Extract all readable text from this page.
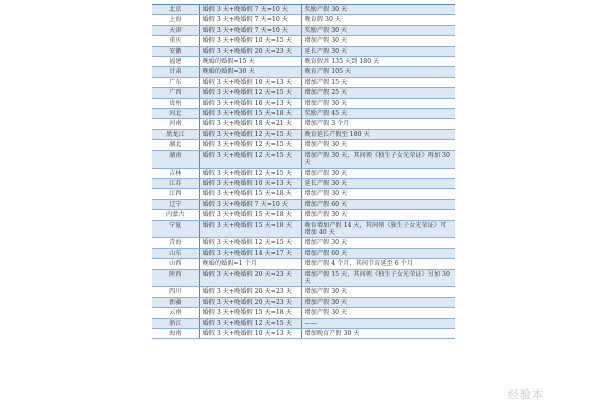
北京	婚假 3 天+晚婚假 7 天=10 天	奖励产假 30 天
上海	婚假 3 天+晚婚假 7 天=10 天	晚育假 30 天
天津	婚假 3 天+晚婚假 7 天=10 天	奖励产假 30 天
重庆	婚假 3 天+晚婚假 10 天=15 天	增加产假 30 天
安徽	婚假 3 天+晚婚假 20 天=23 天	延长产假 30 天
福建	晚婚的婚假=15 天	晚育假共 135 天到 180 天
甘肃	晚婚的婚假=30 天	晚育产假 105 天
广东	婚假 3 天+晚婚假 10 天=13 天	增加产假 15 天
广西	婚假 3 天+晚婚假 12 天=15 天	增加产假 25 天
贵州	婚假 3 天+晚婚假 10 天=13 天	增加产假 30 天
河北	婚假 3 天+晚婚假 15 天=18 天	奖励产假 45 天
河南	婚假 3 天+晚婚假 18 天=21 天	增加产假 3 个月
黑龙江	婚假 3 天+晚婚假 12 天=15 天	晚育延长产假至 180 天
湖北	婚假 3 天+晚婚假 12 天=15 天	增加产假 30 天
湖南	婚假 3 天+晚婚假 12 天=15 天	增加产假 30 天，其间领《独生子女光荣证》再加 30 天
吉林	婚假 3 天+晚婚假 12 天=15 天	增加产假 30 天
江苏	婚假 3 天+晚婚假 10 天=13 天	延长产假 30 天
江西	婚假 3 天+晚婚假 15 天=18 天	增加产假 30 天
辽宁	婚假 3 天+晚婚假 7 天=10 天	增加产假 60 天
内蒙古	婚假 3 天+晚婚假 15 天=18 天	增加产假 30 天
宁夏	婚假 3 天+晚婚假 15 天=18 天	晚育增加产假 14 天，其间领《独生子女光荣证》可增加 40 天
青海	婚假 3 天+晚婚假 12 天=15 天	增加产假 30 天
山东	婚假 3 天+晚婚假 14 天=17 天	增加产假 60 天
山西	晚婚的婚假=1 个月	增加产假 4 个月，其间节育延至 6 个月
陕西	婚假 3 天+晚婚假 20 天=23 天	增加产假 15 天，其间领《独生子女光荣证》另加 30 天
四川	婚假 3 天+晚婚假 20 天=23 天	增加产假 30 天
新疆	婚假 3 天+晚婚假 20 天=23 天	增加产假 30 天
云南	婚假 3 天+晚婚假 15 天=18 天	增加产假 30 天
浙江	婚假 3 天+晚婚假 12 天=15 天	——
海南	婚假 3 天+晚婚假 10 天=13 天	增加晚育产假 30 天
经验本
